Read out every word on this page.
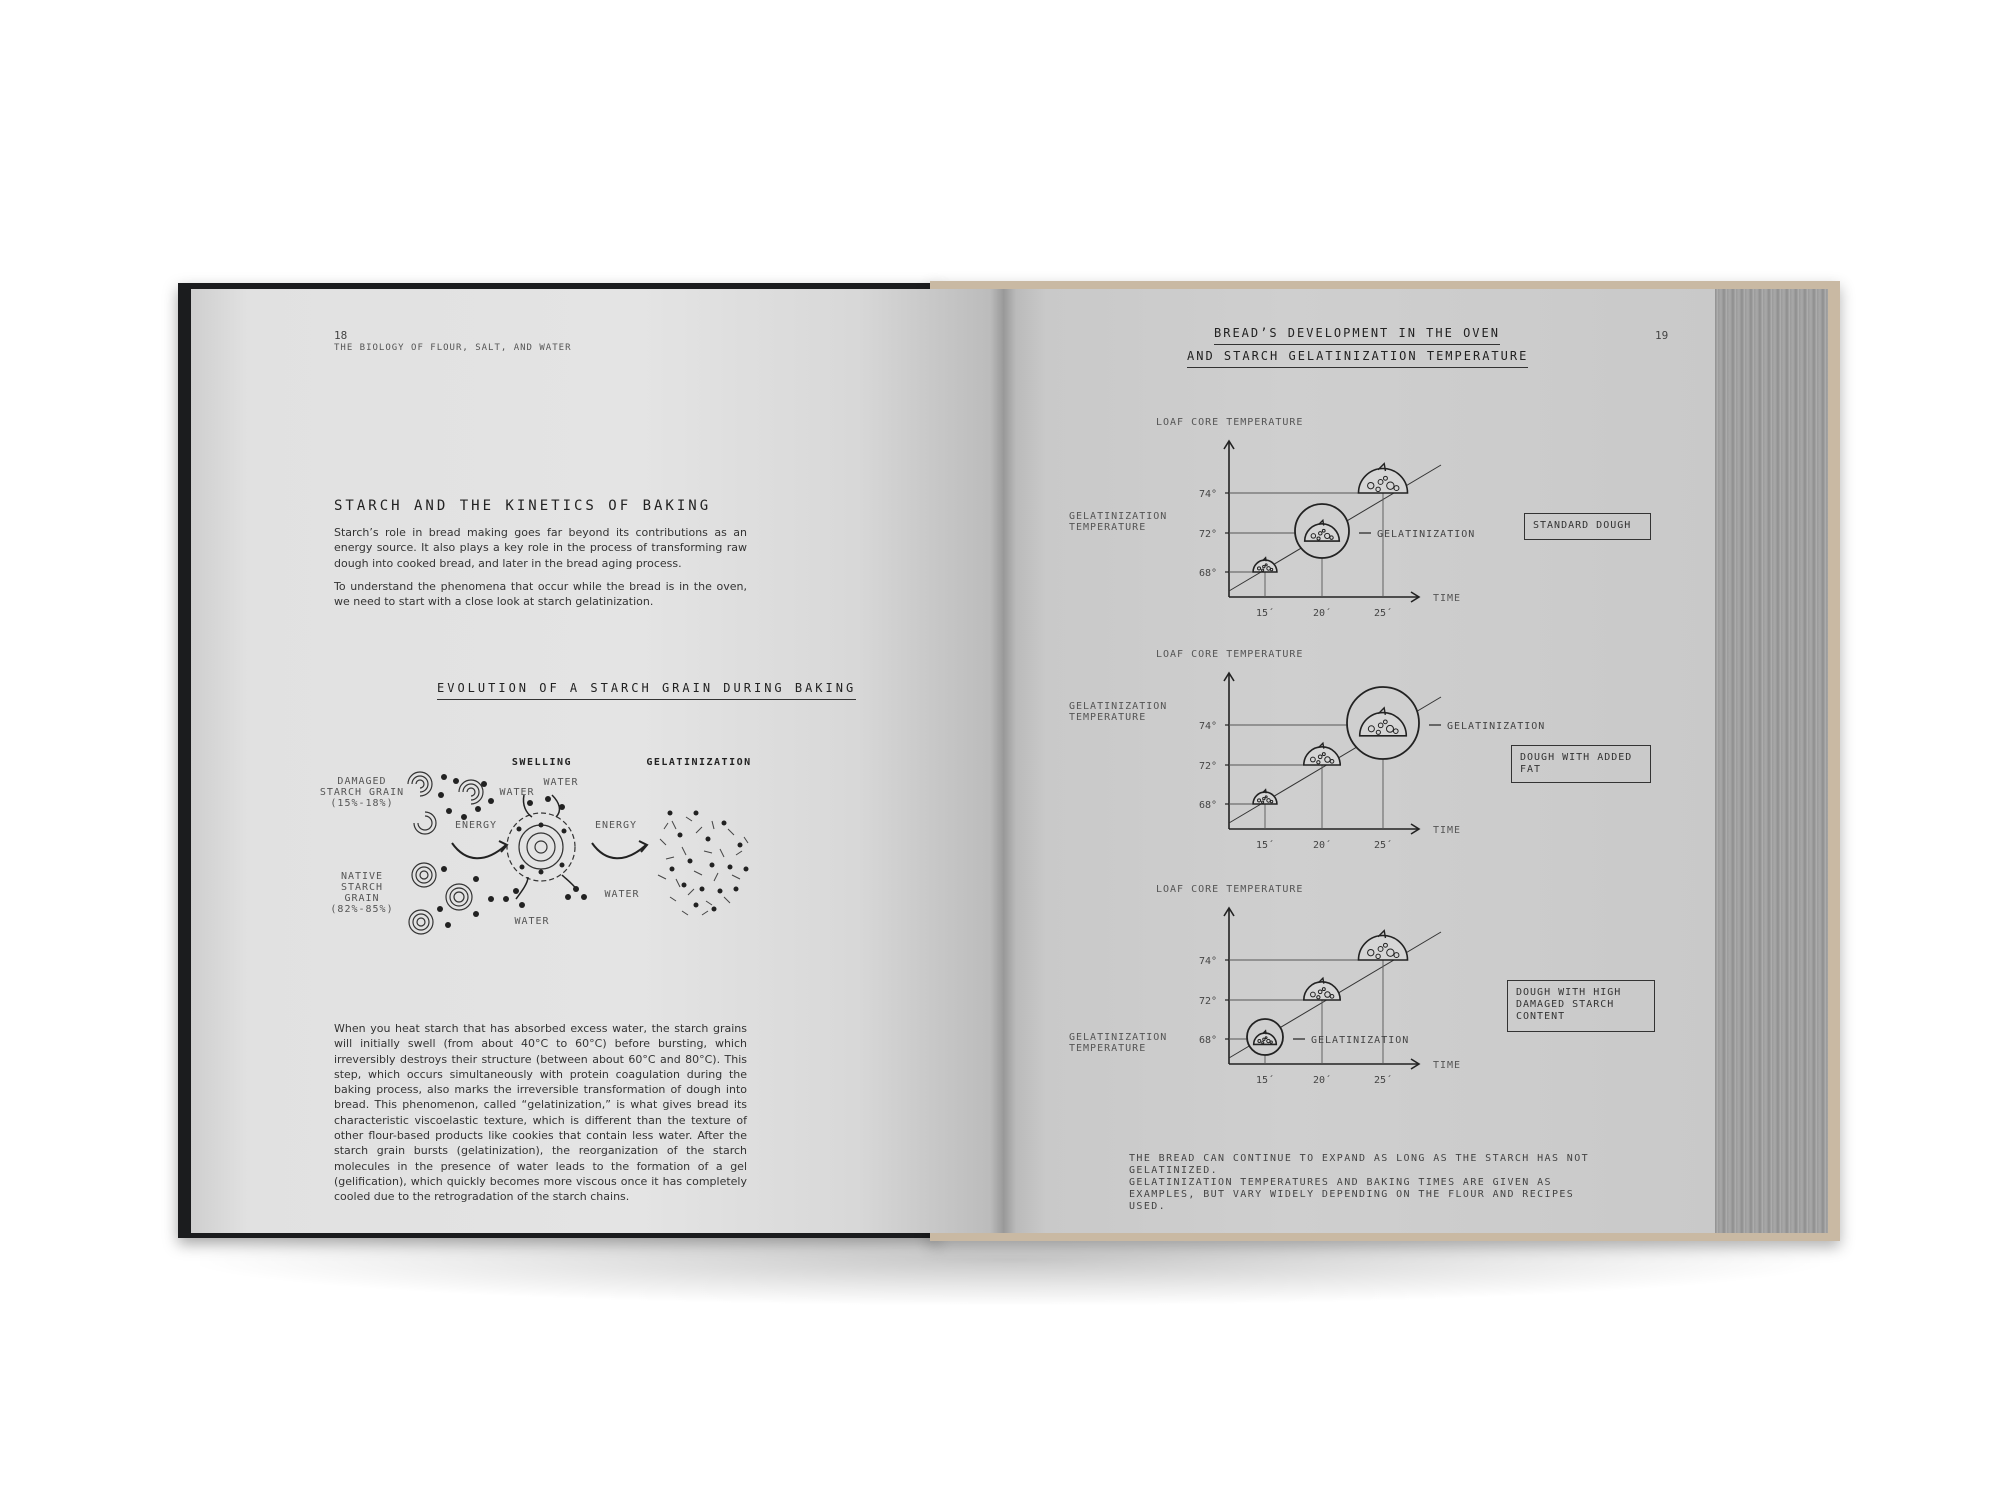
18
THE BIOLOGY OF FLOUR, SALT, AND WATER
STARCH AND THE KINETICS OF BAKING

Starch’s role in bread making goes far beyond its contributions as an energy source. It also plays a key role in the process of transforming raw dough into cooked bread, and later in the bread aging process.

To understand the phenomena that occur while the bread is in the oven, we need to start with a close look at starch gelatinization.

EVOLUTION OF A STARCH GRAIN DURING BAKING
DAMAGED
STARCH GRAIN
(15%-18%)
NATIVE
STARCH
GRAIN
(82%-85%)
ENERGY	ENERGY
WATER
WATER
WATER
WATER
SWELLING	GELATINIZATION
When you heat starch that has absorbed excess water, the starch grains will initially swell (from about 40°C to 60°C) before bursting, which irreversibly destroys their structure (between about 60°C and 80°C). This step, which occurs simultaneously with protein coagulation during the baking process, also marks the irreversible transformation of dough into bread. This phenomenon, called “gelatinization,” is what gives bread its characteristic viscoelastic texture, which is different than the texture of other flour-based products like cookies that contain less water. After the starch grain bursts (gelatinization), the reorganization of the starch molecules in the presence of water leads to the formation of a gel (gelification), which quickly becomes more viscous once it has completely cooled due to the retrogradation of the starch chains.
19
BREAD’S DEVELOPMENT IN THE OVEN
AND STARCH GELATINIZATION TEMPERATURE
LOAF CORE TEMPERATURE
GELATINIZATION TEMPERATURE
TIME
68°
72°
74°
15´	20´	25´
GELATINIZATION
STANDARD DOUGH
LOAF CORE TEMPERATURE
GELATINIZATION TEMPERATURE
TIME
68°
72°
74°
15´	20´	25´
GELATINIZATION
DOUGH WITH ADDED FAT
LOAF CORE TEMPERATURE
GELATINIZATION TEMPERATURE
TIME
68°
72°
74°
15´	20´	25´
GELATINIZATION
DOUGH WITH HIGH DAMAGED STARCH CONTENT
THE BREAD CAN CONTINUE TO EXPAND AS LONG AS THE STARCH HAS NOT GELATINIZED.
GELATINIZATION TEMPERATURES AND BAKING TIMES ARE GIVEN AS EXAMPLES, BUT VARY WIDELY DEPENDING ON THE FLOUR AND RECIPES USED.
